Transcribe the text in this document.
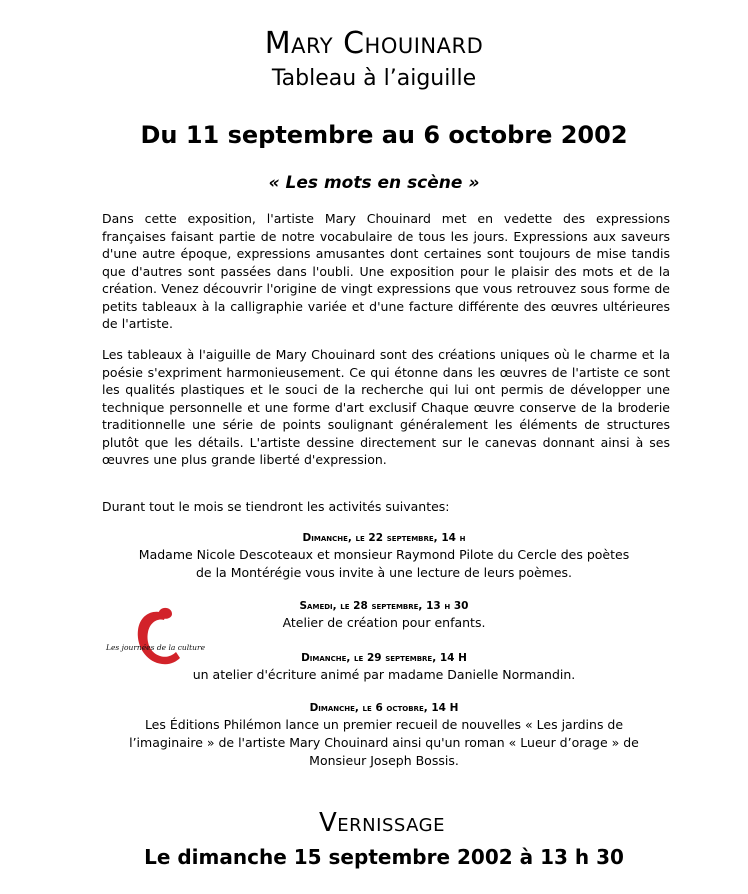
Mary Chouinard
Tableau à l’aiguille
Du 11 septembre au 6 octobre 2002
« Les mots en scène »
Dans cette exposition, l'artiste Mary Chouinard met en vedette des expressions françaises faisant partie de notre vocabulaire de tous les jours. Expressions aux saveurs d'une autre époque, expressions amusantes dont certaines sont toujours de mise tandis que d'autres sont passées dans l'oubli. Une exposition pour le plaisir des mots et de la création. Venez découvrir l'origine de vingt expressions que vous retrouvez sous forme de petits tableaux à la calligraphie variée et d'une facture différente des œuvres ultérieures de l'artiste.
Les tableaux à l'aiguille de Mary Chouinard sont des créations uniques où le charme et la poésie s'expriment harmonieusement. Ce qui étonne dans les œuvres de l'artiste ce sont les qualités plastiques et le souci de la recherche qui lui ont permis de développer une technique personnelle et une forme d'art exclusif Chaque œuvre conserve de la broderie traditionnelle une série de points soulignant généralement les éléments de structures plutôt que les détails. L'artiste dessine directement sur le canevas donnant ainsi à ses œuvres une plus grande liberté d'expression.
Durant tout le mois se tiendront les activités suivantes:
Dimanche, le 22 septembre, 14 h
Madame Nicole Descoteaux et monsieur Raymond Pilote du Cercle des poètes
de la Montérégie vous invite à une lecture de leurs poèmes.
Samedi, le 28 septembre, 13 h 30
Atelier de création pour enfants.
Dimanche, le 29 septembre, 14 H
un atelier d'écriture animé par madame Danielle Normandin.
Dimanche, le 6 octobre, 14 H
Les Éditions Philémon lance un premier recueil de nouvelles « Les jardins de
l’imaginaire » de l'artiste Mary Chouinard ainsi qu'un roman « Lueur d’orage » de
Monsieur Joseph Bossis.
Les journées de la culture
Vernissage
Le dimanche 15 septembre 2002 à 13 h 30
